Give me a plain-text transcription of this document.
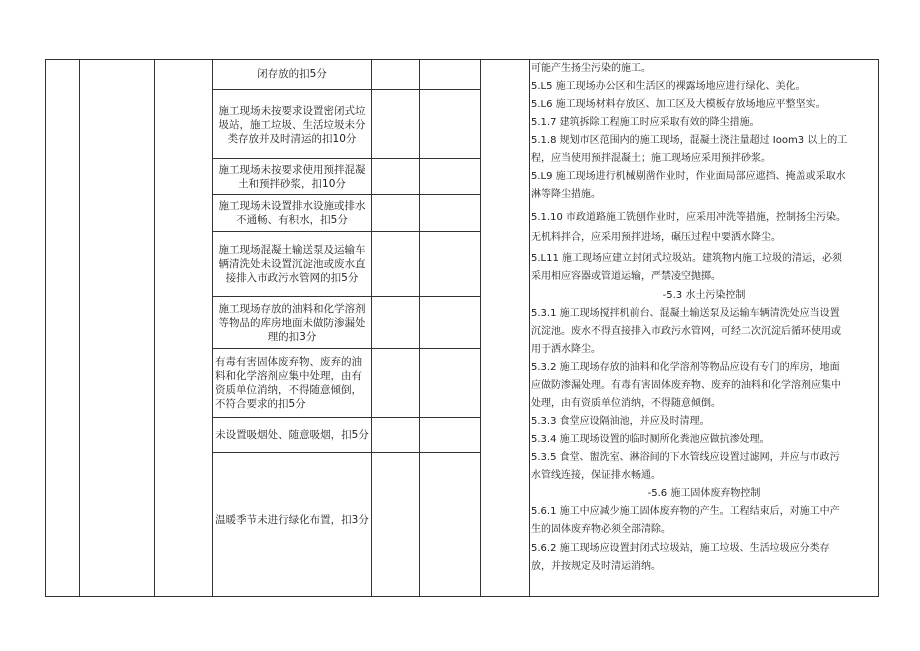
闭存放的扣5分
施工现场未按要求设置密闭式垃圾站，施工垃圾、生活垃圾未分类存放并及时清运的扣10分
施工现场未按要求使用预拌混凝土和预拌砂浆，扣10分
施工现场未设置排水设施或排水不通畅、有积水，扣5分
施工现场混凝土输送泵及运输车辆清洗处未设置沉淀池或废水直接排入市政污水管网的扣5分
施工现场存放的油料和化学溶剂等物品的库房地面未做防渗漏处理的扣3分
有毒有害固体废弃物、废弃的油料和化学溶剂应集中处理，由有资质单位消纳，不得随意倾倒，不符合要求的扣5分
未设置吸烟处、随意吸烟，扣5分
温暖季节未进行绿化布置，扣3分
可能产生扬尘污染的施工。
5.L5 施工现场办公区和生活区的裸露场地应进行绿化、美化。
5.L6 施工现场材料存放区、加工区及大模板存放场地应平整坚实。
5.1.7 建筑拆除工程施工时应采取有效的降尘措施。
5.1.8 规划市区范围内的施工现场，混凝土浇注量超过 Ioom3 以上的工
程，应当使用预拌混凝土；施工现场应采用预拌砂浆。
5.L9 施工现场进行机械剔凿作业时，作业面局部应遮挡、掩盖或采取水
淋等降尘措施。
5.1.10 市政道路施工铣刨作业时，应采用冲洗等措施，控制扬尘污染。
无机料拌合，应采用预拌进场，碾压过程中要洒水降尘。
5.L11 施工现场应建立封闭式垃圾站。建筑物内施工垃圾的清运，必须
采用相应容器或管道运输，严禁凌空抛掷。
-5.3 水土污染控制
5.3.1 施工现场搅拌机前台、混凝土输送泵及运输车辆清洗处应当设置
沉淀池。废水不得直接排入市政污水管网，可经二次沉淀后循环使用或
用于洒水降尘。
5.3.2 施工现场存放的油料和化学溶剂等物品应设有专门的库房，地面
应做防渗漏处理。有毒有害固体废弃物、废弃的油料和化学溶剂应集中
处理，由有资质单位消纳，不得随意倾倒。
5.3.3 食堂应设隔油池，并应及时清理。
5.3.4 施工现场设置的临时厕所化粪池应做抗渗处理。
5.3.5 食堂、盥洗室、淋浴间的下水管线应设置过滤网，并应与市政污
水管线连接，保证排水畅通。
-5.6 施工固体废弃物控制
5.6.1 施工中应减少施工固体废弃物的产生。工程结束后，对施工中产
生的固体废弃物必须全部清除。
5.6.2 施工现场应设置封闭式垃圾站，施工垃圾、生活垃圾应分类存
放，并按规定及时清运消纳。
